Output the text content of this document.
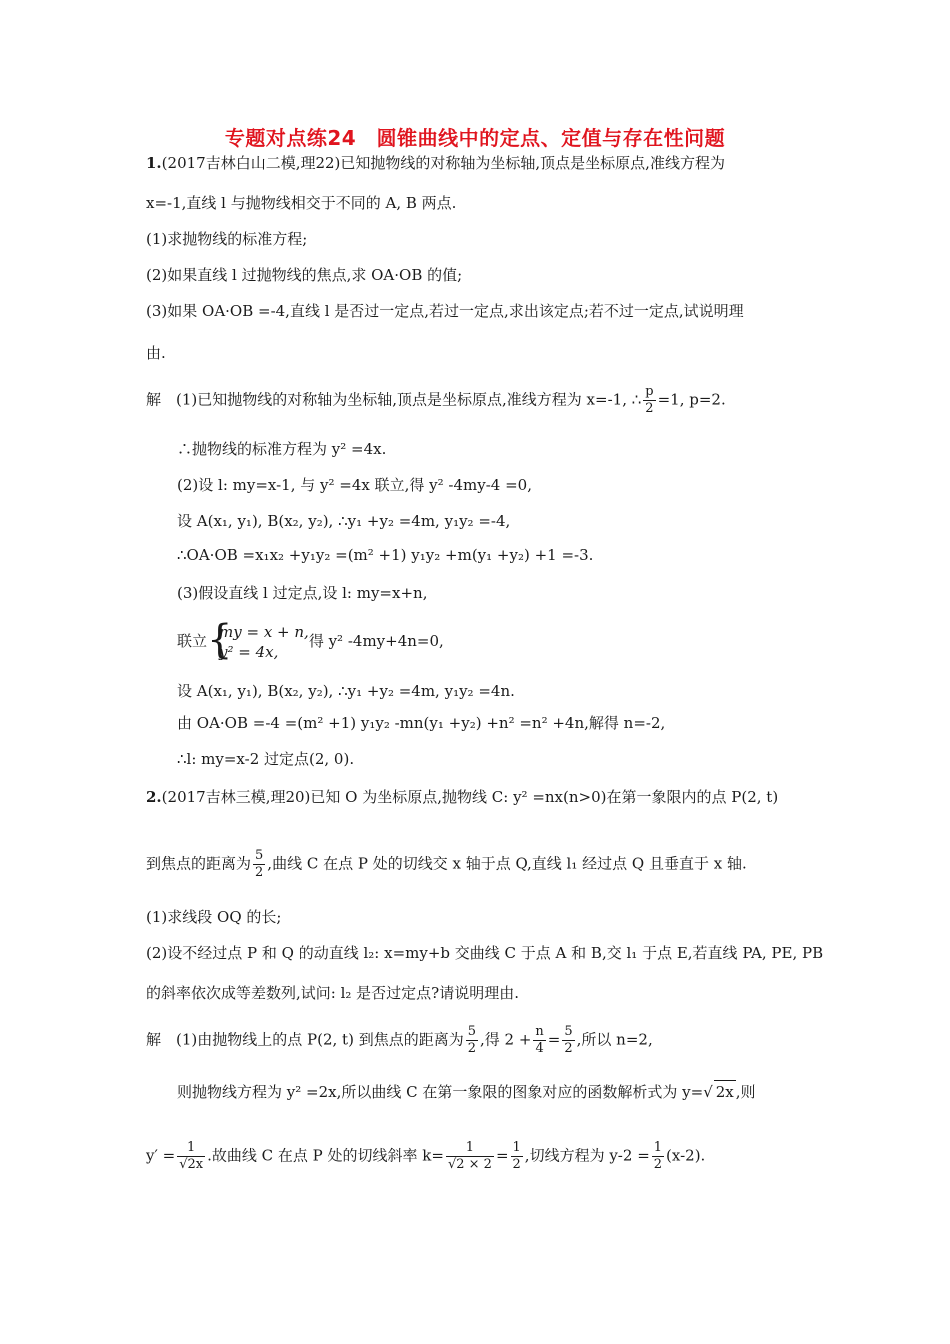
专题对点练24　圆锥曲线中的定点、定值与存在性问题
1.(2017吉林白山二模,理22)已知抛物线的对称轴为坐标轴,顶点是坐标原点,准线方程为
x=-1,直线 l 与抛物线相交于不同的 A, B 两点.
(1)求抛物线的标准方程;
(2)如果直线 l 过抛物线的焦点,求 OA·OB 的值;
(3)如果 OA·OB =-4,直线 l 是否过一定点,若过一定点,求出该定点;若不过一定点,试说明理
由.
解　(1)已知抛物线的对称轴为坐标轴,顶点是坐标原点,准线方程为 x=-1, ∴ $\frac{p}{2} =1$, p=2.
∴抛物线的标准方程为 y² =4x.
(2)设 l: my=x-1, 与 y² =4x 联立,得 y² -4my-4 =0,
设 A(x₁, y₁), B(x₂, y₂), ∴y₁ +y₂ =4m, y₁y₂ =-4,
∴OA·OB =x₁x₂ +y₁y₂ =(m² +1) y₁y₂ +m(y₁ +y₂) +1 =-3.
(3)假设直线 l 过定点,设 l: my=x+n,
联立 {
my = x + n,
y² = 4x,
得 y² -4my+4n=0,
设 A(x₁, y₁), B(x₂, y₂), ∴y₁ +y₂ =4m, y₁y₂ =4n.
由 OA·OB =-4 =(m² +1) y₁y₂ -mn(y₁ +y₂) +n² =n² +4n,解得 n=-2,
∴l: my=x-2 过定点(2, 0).
2.(2017吉林三模,理20)已知 O 为坐标原点,抛物线 C: y² =nx(n>0)在第一象限内的点 P(2, t)
到焦点的距离为 $\frac{5}{2}$ ,曲线 C 在点 P 处的切线交 x 轴于点 Q,直线 l₁ 经过点 Q 且垂直于 x 轴.
(1)求线段 OQ 的长;
(2)设不经过点 P 和 Q 的动直线 l₂: x=my+b 交曲线 C 于点 A 和 B,交 l₁ 于点 E,若直线 PA, PE, PB
的斜率依次成等差数列,试问: l₂ 是否过定点?请说明理由.
解　(1)由抛物线上的点 P(2, t) 到焦点的距离为 $\frac{5}{2}$ ,得 $2 + \frac{n}{4} = \frac{5}{2}$ ,所以 n=2,
则抛物线方程为 y² =2x,所以曲线 C 在第一象限的图象对应的函数解析式为 y=√ 2x ,则
$y' = \frac{1}{√2x}$ .故曲线 C 在点 P 处的切线斜率 $k= \frac{1}{√2 \times 2} = \frac{1}{2}$ ,切线方程为 $y-2 = \frac{1}{2} (x-2)$.
